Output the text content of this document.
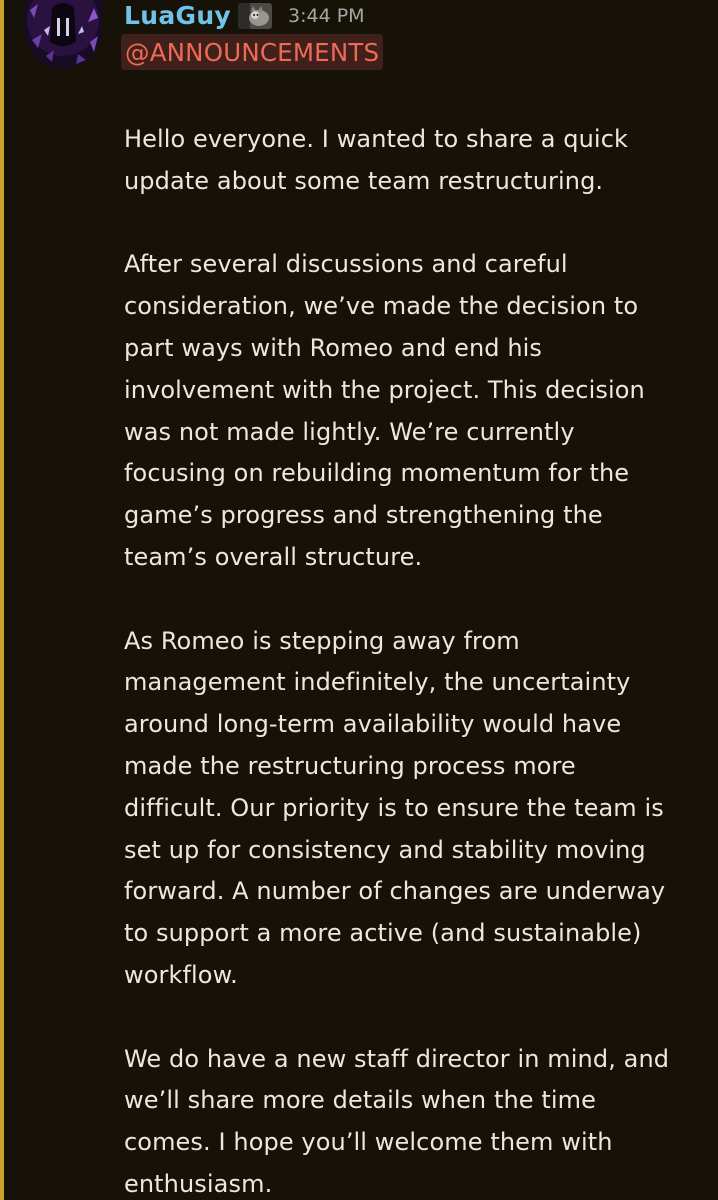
LuaGuy	3:44 PM
@ANNOUNCEMENTS

Hello everyone. I wanted to share a quick
update about some team restructuring.

After several discussions and careful
consideration, we’ve made the decision to
part ways with Romeo and end his
involvement with the project. This decision
was not made lightly. We’re currently
focusing on rebuilding momentum for the
game’s progress and strengthening the
team’s overall structure.

As Romeo is stepping away from
management indefinitely, the uncertainty
around long-term availability would have
made the restructuring process more
difficult. Our priority is to ensure the team is
set up for consistency and stability moving
forward. A number of changes are underway
to support a more active (and sustainable)
workflow.

We do have a new staff director in mind, and
we’ll share more details when the time
comes. I hope you’ll welcome them with
enthusiasm.
